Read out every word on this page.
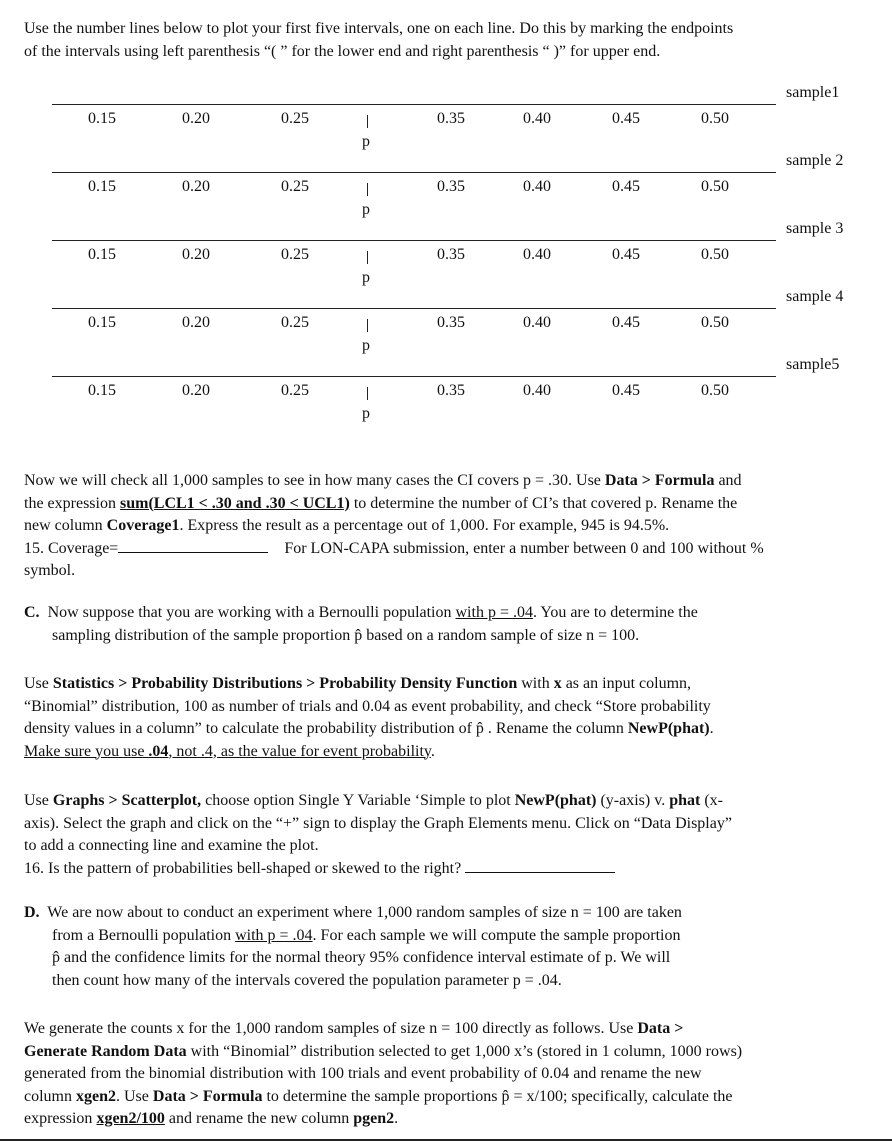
Use the number lines below to plot your first five intervals, one on each line. Do this by marking the endpoints
of the intervals using left parenthesis “( ” for the lower end and right parenthesis “ )” for upper end.
sample1
0.15	0.20	0.25	0.35	0.40	0.45	0.50
p
sample 2
0.15	0.20	0.25	0.35	0.40	0.45	0.50
p
sample 3
0.15	0.20	0.25	0.35	0.40	0.45	0.50
p
sample 4
0.15	0.20	0.25	0.35	0.40	0.45	0.50
p
sample5
0.15	0.20	0.25	0.35	0.40	0.45	0.50
p
Now we will check all 1,000 samples to see in how many cases the CI covers p = .30. Use Data > Formula and
the expression sum(LCL1 < .30 and .30 < UCL1) to determine the number of CI’s that covered p. Rename the
new column Coverage1. Express the result as a percentage out of 1,000. For example, 945 is 94.5%.
15. Coverage=	For LON-CAPA submission, enter a number between 0 and 100 without %
symbol.
C. Now suppose that you are working with a Bernoulli population with p = .04. You are to determine the
sampling distribution of the sample proportion p̂ based on a random sample of size n = 100.
Use Statistics > Probability Distributions > Probability Density Function with x as an input column,
“Binomial” distribution, 100 as number of trials and 0.04 as event probability, and check “Store probability
density values in a column” to calculate the probability distribution of p̂ . Rename the column NewP(phat).
Make sure you use .04, not .4, as the value for event probability.
Use Graphs > Scatterplot, choose option Single Y Variable ‘Simple to plot NewP(phat) (y-axis) v. phat (x-
axis). Select the graph and click on the “+” sign to display the Graph Elements menu. Click on “Data Display”
to add a connecting line and examine the plot.
16. Is the pattern of probabilities bell-shaped or skewed to the right?
D. We are now about to conduct an experiment where 1,000 random samples of size n = 100 are taken
from a Bernoulli population with p = .04. For each sample we will compute the sample proportion
p̂ and the confidence limits for the normal theory 95% confidence interval estimate of p. We will
then count how many of the intervals covered the population parameter p = .04.
We generate the counts x for the 1,000 random samples of size n = 100 directly as follows. Use Data >
Generate Random Data with “Binomial” distribution selected to get 1,000 x’s (stored in 1 column, 1000 rows)
generated from the binomial distribution with 100 trials and event probability of 0.04 and rename the new
column xgen2. Use Data > Formula to determine the sample proportions p̂ = x/100; specifically, calculate the
expression xgen2/100 and rename the new column pgen2.
